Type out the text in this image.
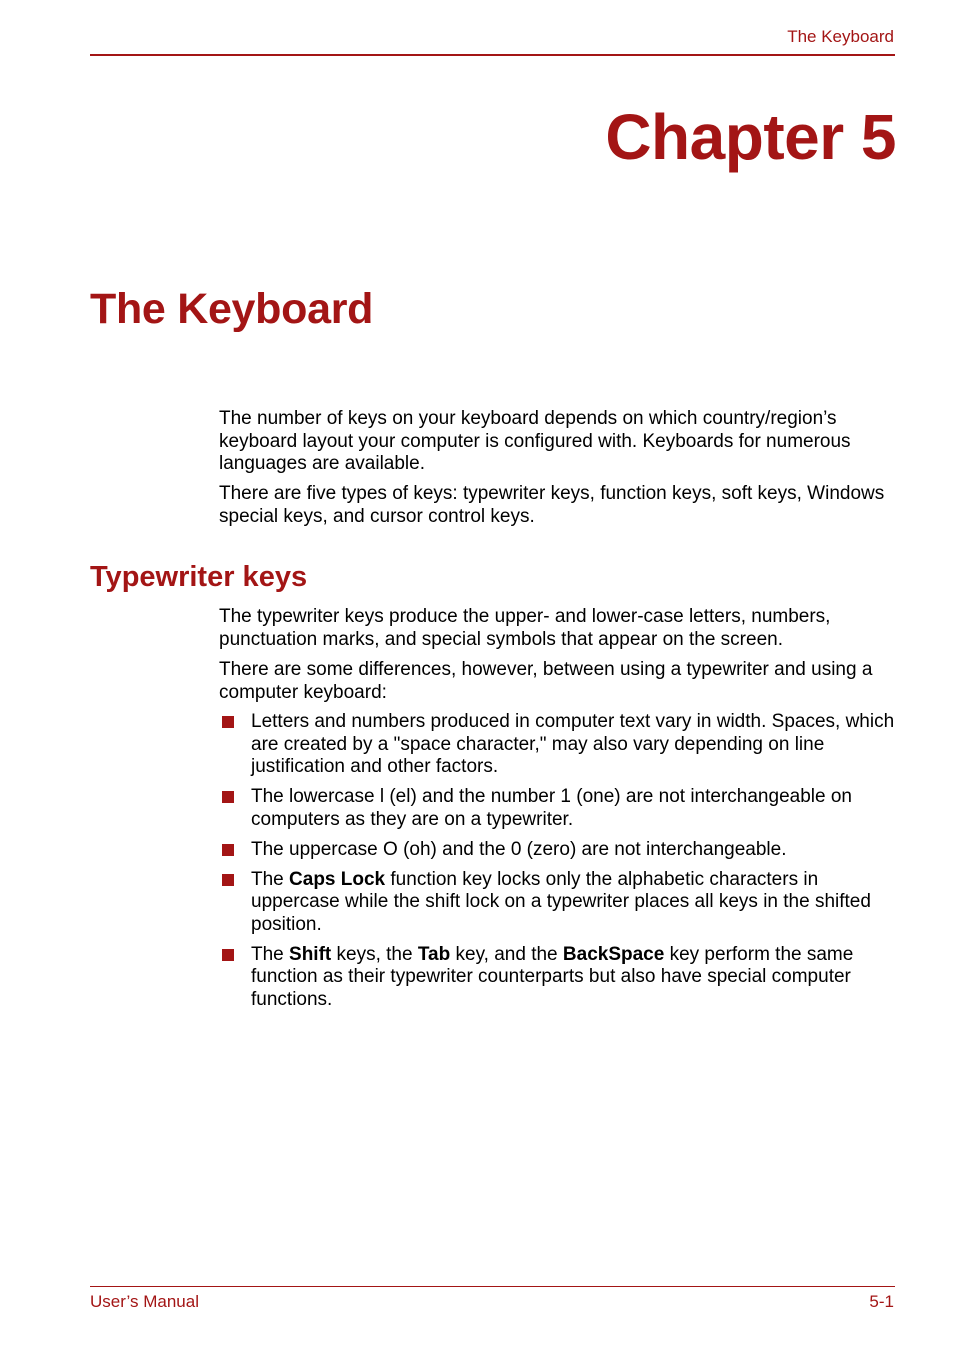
The Keyboard
Chapter 5
The Keyboard

The number of keys on your keyboard depends on which country/region’s keyboard layout your computer is configured with. Keyboards for numerous languages are available.

There are five types of keys: typewriter keys, function keys, soft keys, Windows special keys, and cursor control keys.

Typewriter keys

The typewriter keys produce the upper- and lower-case letters, numbers, punctuation marks, and special symbols that appear on the screen.

There are some differences, however, between using a typewriter and using a computer keyboard:

Letters and numbers produced in computer text vary in width. Spaces, which are created by a "space character," may also vary depending on line justification and other factors.
The lowercase l (el) and the number 1 (one) are not interchangeable on computers as they are on a typewriter.
The uppercase O (oh) and the 0 (zero) are not interchangeable.
The Caps Lock function key locks only the alphabetic characters in uppercase while the shift lock on a typewriter places all keys in the shifted position.
The Shift keys, the Tab key, and the BackSpace key perform the same function as their typewriter counterparts but also have special computer functions.
User’s Manual	5-1
